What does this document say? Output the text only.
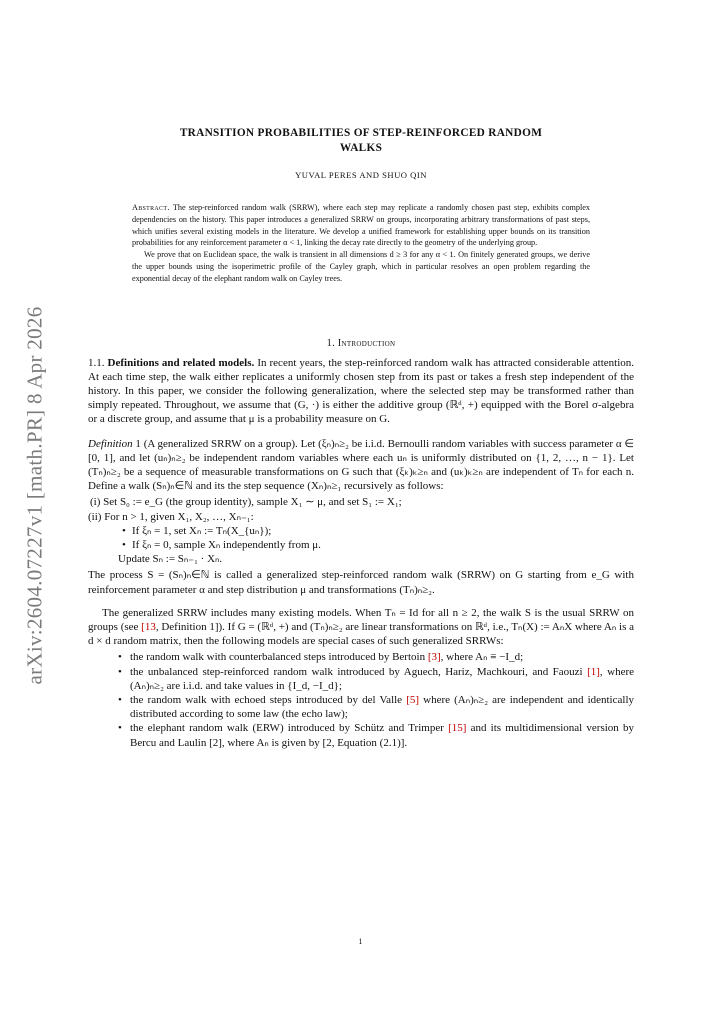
arXiv:2604.07227v1 [math.PR] 8 Apr 2026
TRANSITION PROBABILITIES OF STEP-REINFORCED RANDOM
WALKS
YUVAL PERES AND SHUO QIN

Abstract. The step-reinforced random walk (SRRW), where each step may replicate a randomly chosen past step, exhibits complex dependencies on the history. This paper introduces a generalized SRRW on groups, incorporating arbitrary transformations of past steps, which unifies several existing models in the literature. We develop a unified framework for establishing upper bounds on its transition probabilities for any reinforcement parameter α < 1, linking the decay rate directly to the geometry of the underlying group.

We prove that on Euclidean space, the walk is transient in all dimensions d ≥ 3 for any α < 1. On finitely generated groups, we derive the upper bounds using the isoperimetric profile of the Cayley graph, which in particular resolves an open problem regarding the exponential decay of the elephant random walk on Cayley trees.

1. Introduction

1.1. Definitions and related models. In recent years, the step-reinforced random walk has attracted considerable attention. At each time step, the walk either replicates a uniformly chosen step from its past or takes a fresh step independent of the history. In this paper, we consider the following generalization, where the selected step may be transformed rather than simply repeated. Throughout, we assume that (G, ·) is either the additive group (ℝᵈ, +) equipped with the Borel σ-algebra or a discrete group, and assume that μ is a probability measure on G.

Definition 1 (A generalized SRRW on a group). Let (ξₙ)ₙ≥₂ be i.i.d. Bernoulli random variables with success parameter α ∈ [0, 1], and let (uₙ)ₙ≥₂ be independent random variables where each uₙ is uniformly distributed on {1, 2, …, n − 1}. Let (Tₙ)ₙ≥₂ be a sequence of measurable transformations on G such that (ξₖ)ₖ≥ₙ and (uₖ)ₖ≥ₙ are independent of Tₙ for each n. Define a walk (Sₙ)ₙ∈ℕ and its the step sequence (Xₙ)ₙ≥₁ recursively as follows:

(i) Set S₀ := e_G (the group identity), sample X₁ ∼ μ, and set S₁ := X₁;
(ii) For n > 1, given X₁, X₂, …, Xₙ₋₁:
• If ξₙ = 1, set Xₙ := Tₙ(X_{uₙ});
• If ξₙ = 0, sample Xₙ independently from μ.
Update Sₙ := Sₙ₋₁ · Xₙ.

The process S = (Sₙ)ₙ∈ℕ is called a generalized step-reinforced random walk (SRRW) on G starting from e_G with reinforcement parameter α and step distribution μ and transformations (Tₙ)ₙ≥₂.

The generalized SRRW includes many existing models. When Tₙ = Id for all n ≥ 2, the walk S is the usual SRRW on groups (see [13, Definition 1]). If G = (ℝᵈ, +) and (Tₙ)ₙ≥₂ are linear transformations on ℝᵈ, i.e., Tₙ(X) := AₙX where Aₙ is a d × d random matrix, then the following models are special cases of such generalized SRRWs:

• the random walk with counterbalanced steps introduced by Bertoin [3], where Aₙ ≡ −I_d;
• the unbalanced step-reinforced random walk introduced by Aguech, Hariz, Machkouri, and Faouzi [1], where (Aₙ)ₙ≥₂ are i.i.d. and take values in {I_d, −I_d};
• the random walk with echoed steps introduced by del Valle [5] where (Aₙ)ₙ≥₂ are independent and identically distributed according to some law (the echo law);
• the elephant random walk (ERW) introduced by Schütz and Trimper [15] and its multidimensional version by Bercu and Laulin [2], where Aₙ is given by [2, Equation (2.1)].
1
